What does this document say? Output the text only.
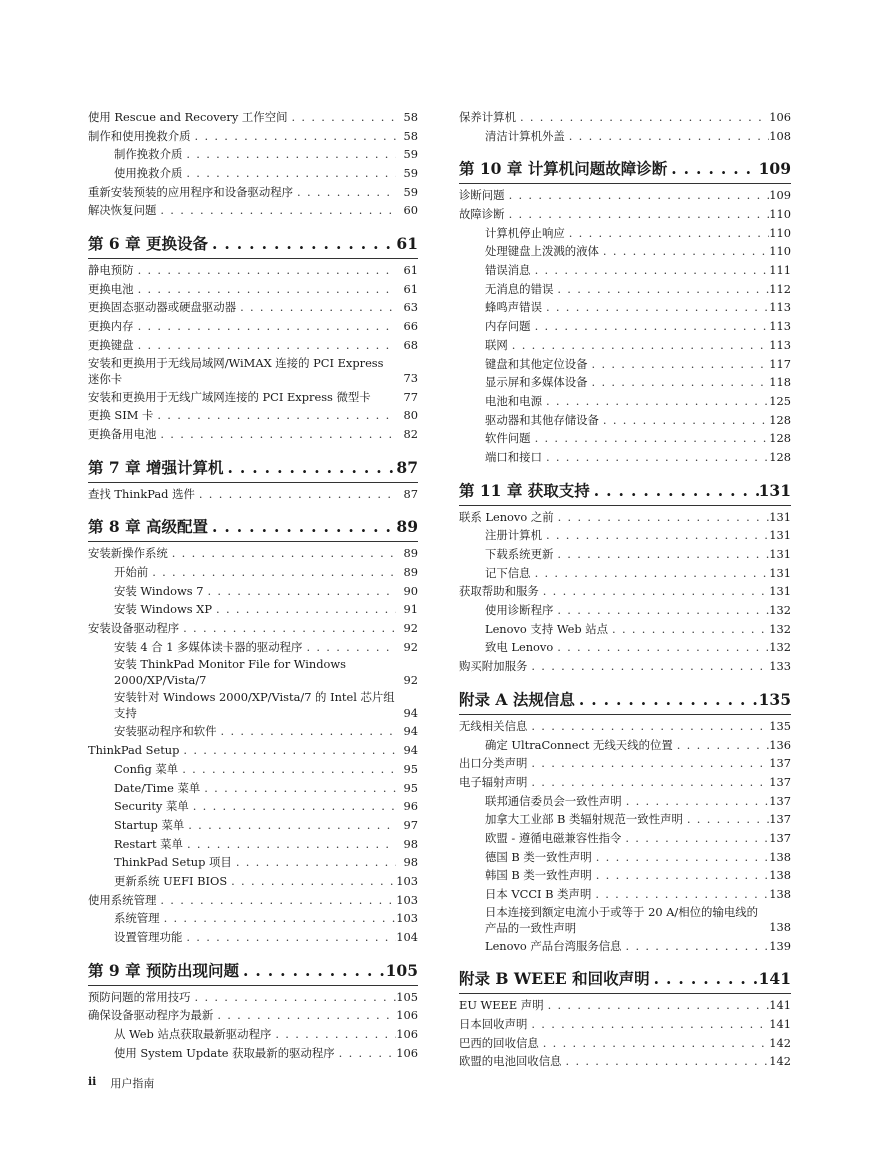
使用 Rescue and Recovery 工作空间 .....	58
制作和使用挽救介质 .....	58
制作挽救介质 .....	59
使用挽救介质 .....	59
重新安装预装的应用程序和设备驱动程序 .....	59
解决恢复问题 .....	60
第 6 章 更换设备 .....	61
静电预防 .....	61
更换电池 .....	61
更换固态驱动器或硬盘驱动器 .....	63
更换内存 .....	66
更换键盘 .....	68
安装和更换用于无线局域网/WiMAX 连接的 PCI Express 迷你卡	73
安装和更换用于无线广域网连接的 PCI Express 微型卡	77
更换 SIM 卡 .....	80
更换备用电池 .....	82
第 7 章 增强计算机 .....	87
查找 ThinkPad 选件 .....	87
第 8 章 高级配置 .....	89
安装新操作系统 .....	89
开始前 .....	89
安装 Windows 7 .....	90
安装 Windows XP .....	91
安装设备驱动程序 .....	92
安装 4 合 1 多媒体读卡器的驱动程序 .....	92
安装 ThinkPad Monitor File for Windows 2000/XP/Vista/7	92
安装针对 Windows 2000/XP/Vista/7 的 Intel 芯片组支持	94
安装驱动程序和软件 .....	94
ThinkPad Setup .....	94
Config 菜单 .....	95
Date/Time 菜单 .....	95
Security 菜单 .....	96
Startup 菜单 .....	97
Restart 菜单 .....	98
ThinkPad Setup 项目 .....	98
更新系统 UEFI BIOS .....	103
使用系统管理 .....	103
系统管理 .....	103
设置管理功能 .....	104
第 9 章 预防出现问题 .....	105
预防问题的常用技巧 .....	105
确保设备驱动程序为最新 .....	106
从 Web 站点获取最新驱动程序 .....	106
使用 System Update 获取最新的驱动程序 .....	106
保养计算机 .....	106
清洁计算机外盖 .....	108
第 10 章 计算机问题故障诊断 .....	109
诊断问题 .....	109
故障诊断 .....	110
计算机停止响应 .....	110
处理键盘上泼溅的液体 .....	110
错误消息 .....	111
无消息的错误 .....	112
蜂鸣声错误 .....	113
内存问题 .....	113
联网 .....	113
键盘和其他定位设备 .....	117
显示屏和多媒体设备 .....	118
电池和电源 .....	125
驱动器和其他存储设备 .....	128
软件问题 .....	128
端口和接口 .....	128
第 11 章 获取支持 .....	131
联系 Lenovo 之前 .....	131
注册计算机 .....	131
下载系统更新 .....	131
记下信息 .....	131
获取帮助和服务 .....	131
使用诊断程序 .....	132
Lenovo 支持 Web 站点 .....	132
致电 Lenovo .....	132
购买附加服务 .....	133
附录 A 法规信息 .....	135
无线相关信息 .....	135
确定 UltraConnect 无线天线的位置 .....	136
出口分类声明 .....	137
电子辐射声明 .....	137
联邦通信委员会一致性声明 .....	137
加拿大工业部 B 类辐射规范一致性声明 .....	137
欧盟 - 遵循电磁兼容性指令 .....	137
德国 B 类一致性声明 .....	138
韩国 B 类一致性声明 .....	138
日本 VCCI B 类声明 .....	138
日本连接到额定电流小于或等于 20 A/相位的输电线的产品的一致性声明	138
Lenovo 产品台湾服务信息 .....	139
附录 B WEEE 和回收声明 .....	141
EU WEEE 声明 .....	141
日本回收声明 .....	141
巴西的回收信息 .....	142
欧盟的电池回收信息 .....	142
ii 用户指南
